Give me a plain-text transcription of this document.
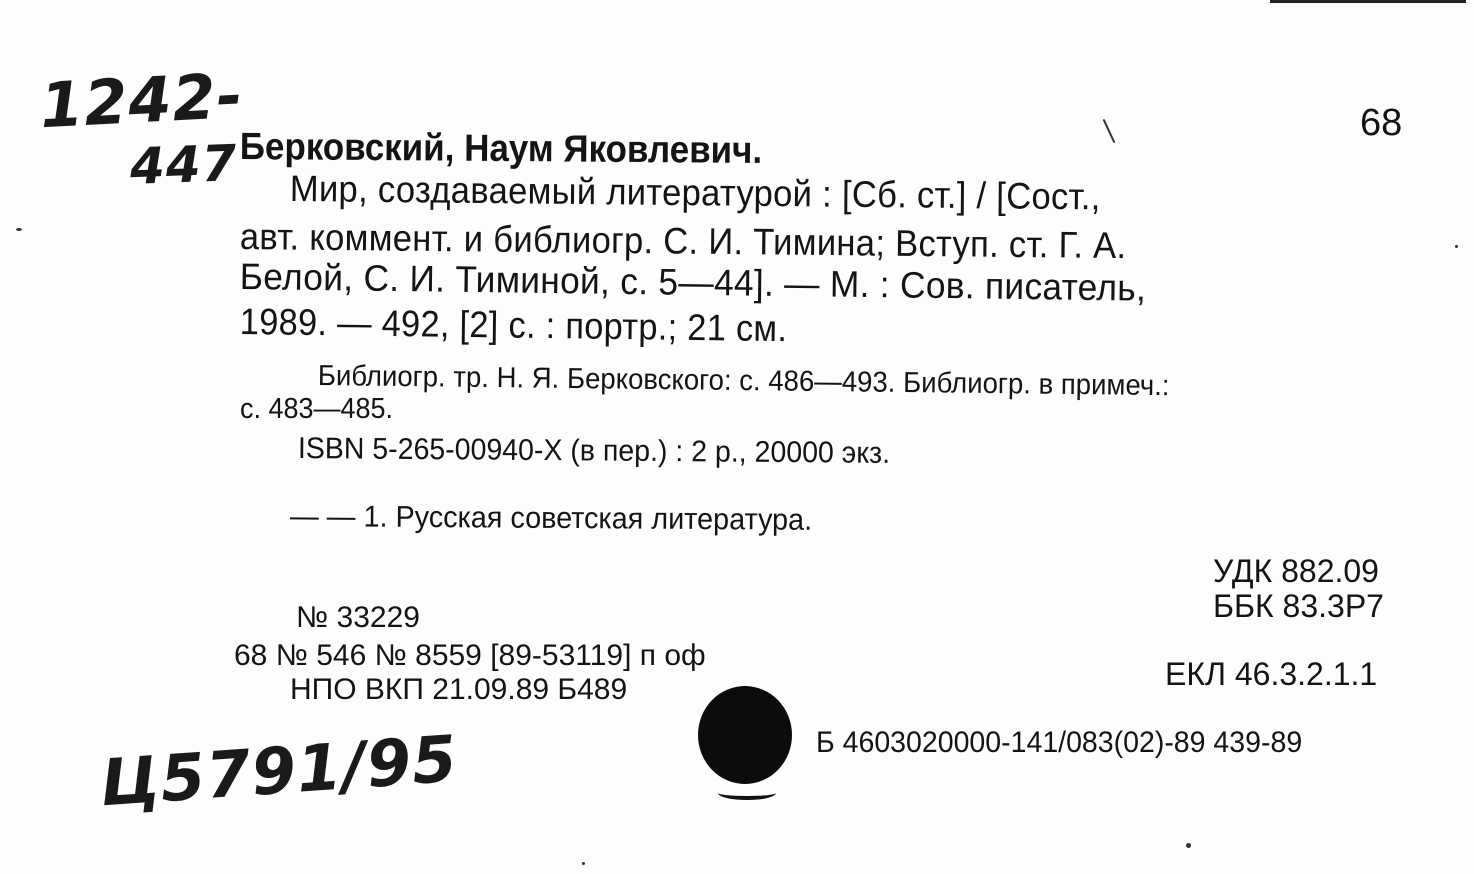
1242-
447
68
Берковский, Наум Яковлевич.
Мир, создаваемый литературой : [Сб. ст.] / [Сост.,
авт. коммент. и библиогр. С. И. Тимина; Вступ. ст. Г. А.
Белой, С. И. Тиминой, с. 5—44]. — М. : Сов. писатель,
1989. — 492, [2] с. : портр.; 21 см.
Библиогр. тр. Н. Я. Берковского: с. 486—493. Библиогр. в примеч.:
с. 483—485.
ISBN 5-265-00940-X (в пер.) : 2 р., 20000 экз.
— — 1. Русская советская литература.
УДК 882.09
ББК 83.3Р7
№ 33229
68 № 546 № 8559 [89-53119] п оф
НПО ВКП 21.09.89 Б489	ЕКЛ 46.3.2.1.1
Б 4603020000-141/083(02)-89 439-89
Ц5791/95
